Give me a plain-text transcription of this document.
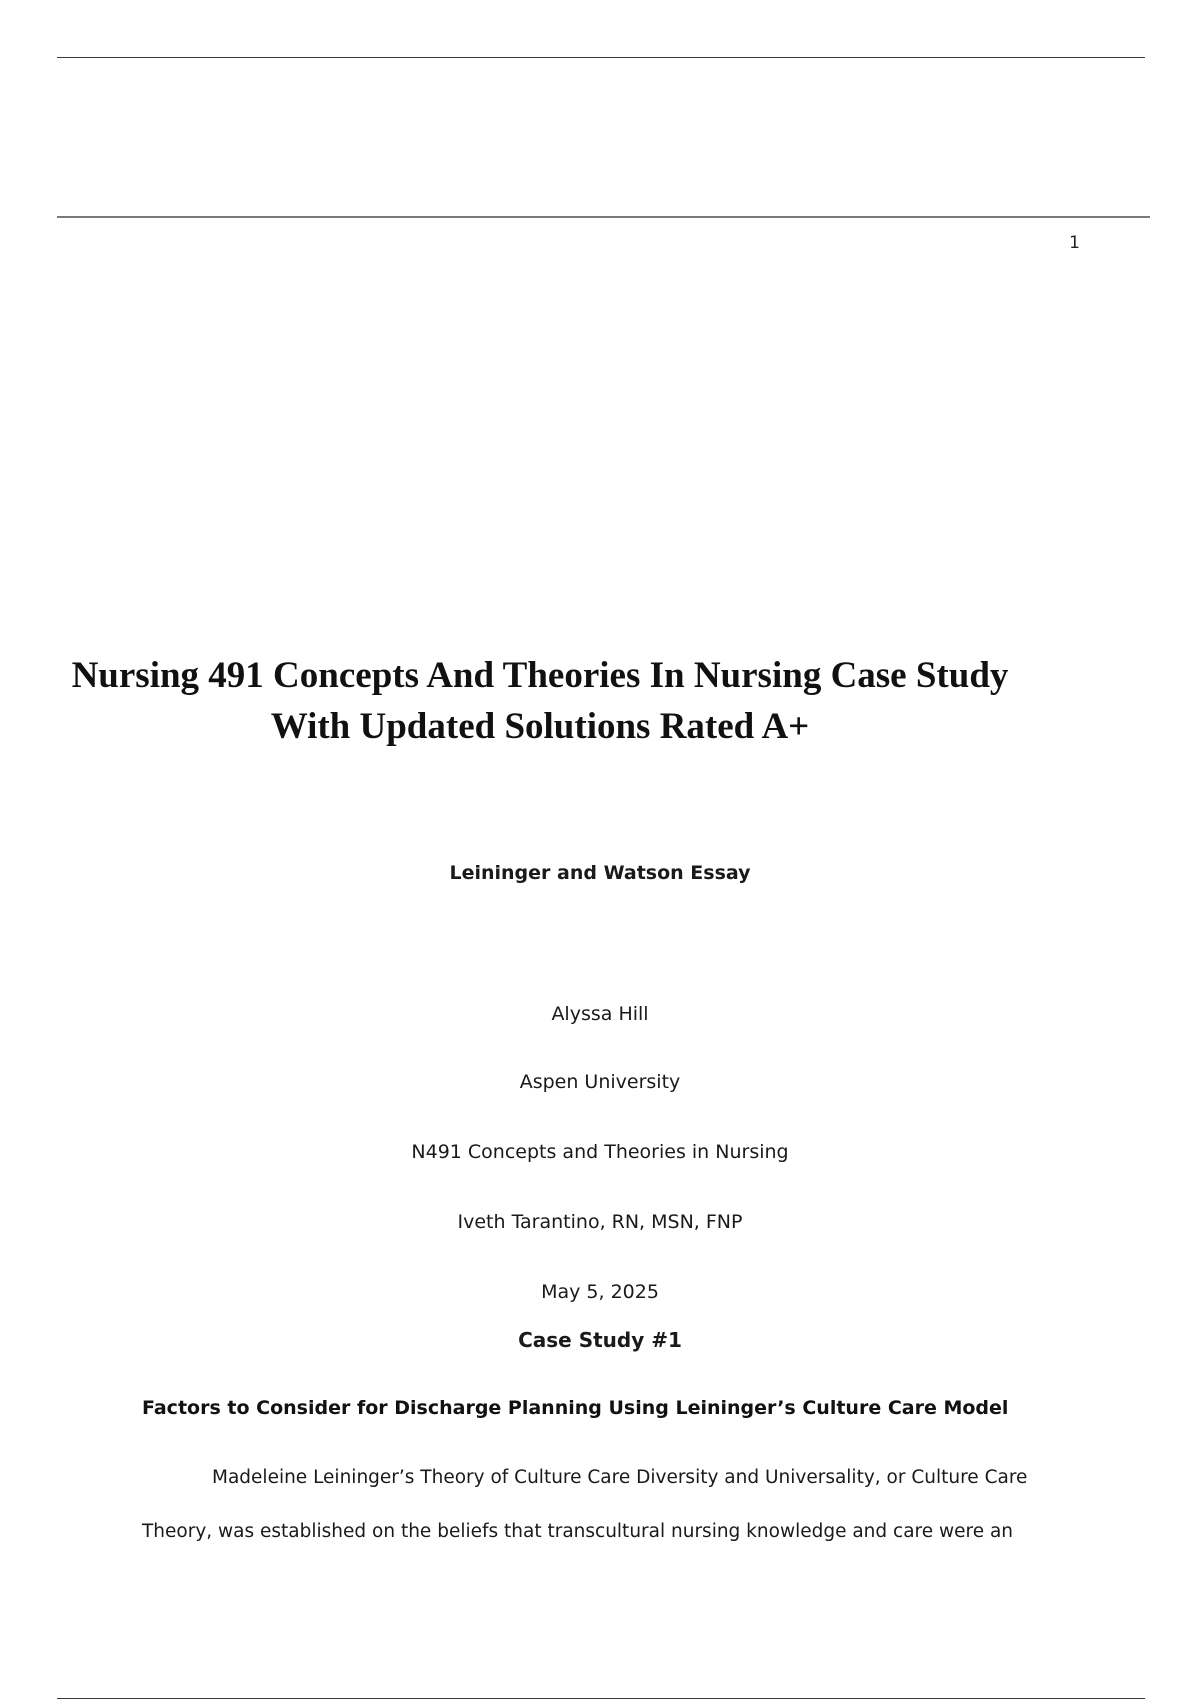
1
Nursing 491 Concepts And Theories In Nursing Case Study
With Updated Solutions Rated A+
Leininger and Watson Essay
Alyssa Hill
Aspen University
N491 Concepts and Theories in Nursing
Iveth Tarantino, RN, MSN, FNP
May 5, 2025
Case Study #1
Factors to Consider for Discharge Planning Using Leininger’s Culture Care Model
Madeleine Leininger’s Theory of Culture Care Diversity and Universality, or Culture Care
Theory, was established on the beliefs that transcultural nursing knowledge and care were an
